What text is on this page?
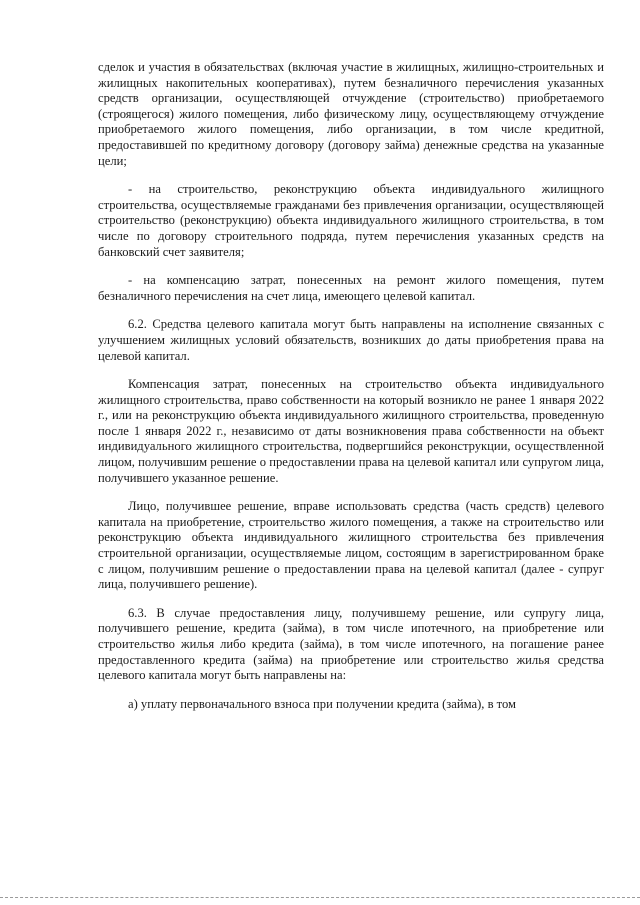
сделок и участия в обязательствах (включая участие в жилищных, жилищно-строительных и жилищных накопительных кооперативах), путем безналичного перечисления указанных средств организации, осуществляющей отчуждение (строительство) приобретаемого (строящегося) жилого помещения, либо физическому лицу, осуществляющему отчуждение приобретаемого жилого помещения, либо организации, в том числе кредитной, предоставившей по кредитному договору (договору займа) денежные средства на указанные цели;

- на строительство, реконструкцию объекта индивидуального жилищного строительства, осуществляемые гражданами без привлечения организации, осуществляющей строительство (реконструкцию) объекта индивидуального жилищного строительства, в том числе по договору строительного подряда, путем перечисления указанных средств на банковский счет заявителя;

- на компенсацию затрат, понесенных на ремонт жилого помещения, путем безналичного перечисления на счет лица, имеющего целевой капитал.

6.2. Средства целевого капитала могут быть направлены на исполнение связанных с улучшением жилищных условий обязательств, возникших до даты приобретения права на целевой капитал.

Компенсация затрат, понесенных на строительство объекта индивидуального жилищного строительства, право собственности на который возникло не ранее 1 января 2022 г., или на реконструкцию объекта индивидуального жилищного строительства, проведенную после 1 января 2022 г., независимо от даты возникновения права собственности на объект индивидуального жилищного строительства, подвергшийся реконструкции, осуществленной лицом, получившим решение о предоставлении права на целевой капитал или супругом лица, получившего указанное решение.

Лицо, получившее решение, вправе использовать средства (часть средств) целевого капитала на приобретение, строительство жилого помещения, а также на строительство или реконструкцию объекта индивидуального жилищного строительства без привлечения строительной организации, осуществляемые лицом, состоящим в зарегистрированном браке с лицом, получившим решение о предоставлении права на целевой капитал (далее - супруг лица, получившего решение).

6.3. В случае предоставления лицу, получившему решение, или супругу лица, получившего решение, кредита (займа), в том числе ипотечного, на приобретение или строительство жилья либо кредита (займа), в том числе ипотечного, на погашение ранее предоставленного кредита (займа) на приобретение или строительство жилья средства целевого капитала могут быть направлены на:

а) уплату первоначального взноса при получении кредита (займа), в том
